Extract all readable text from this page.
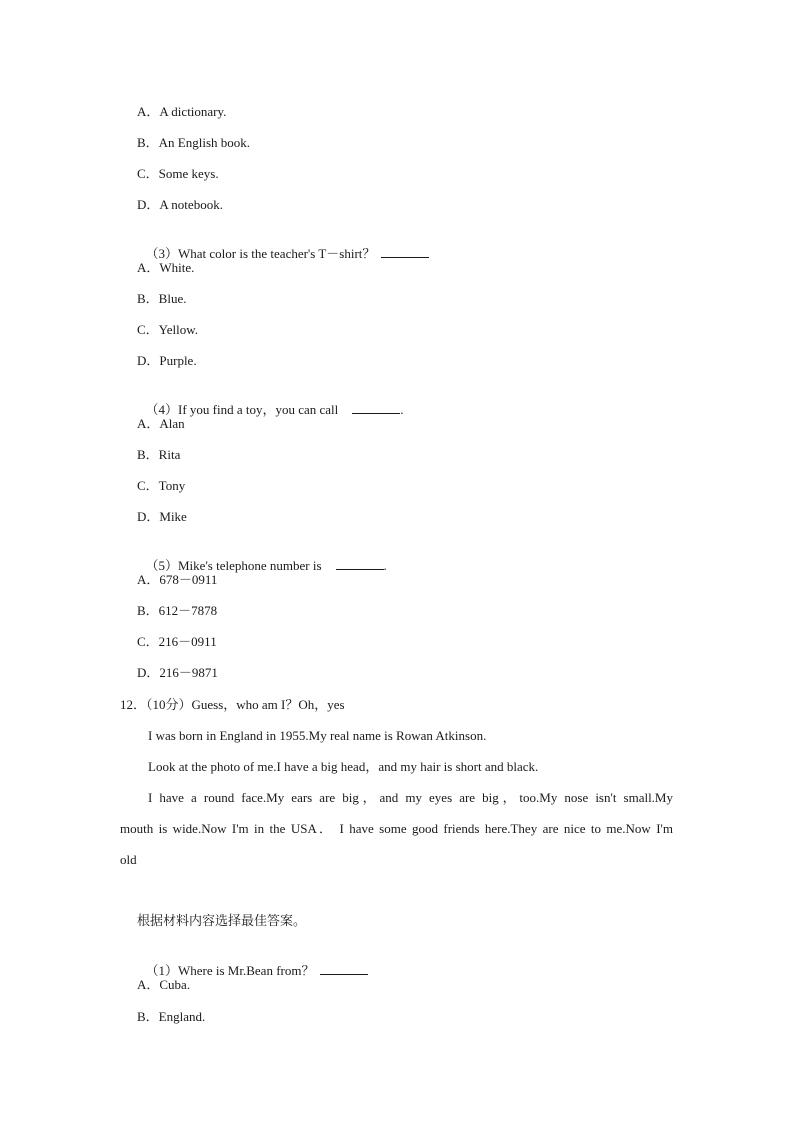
A．A dictionary.
B．An English book.
C．Some keys.
D．A notebook.

（3）What color is the teacher's T－shirt？

A．White.
B．Blue.
C．Yellow.
D．Purple.

（4）If you find a toy，you can call	.

A．Alan
B．Rita
C．Tony
D．Mike

（5）Mike's telephone number is	.

A．678－0911
B．612－7878
C．216－0911
D．216－9871
12．（10分）Guess，who am I？Oh，yes
I was born in England in 1955.My real name is Rowan Atkinson.
Look at the photo of me.I have a big head，and my hair is short and black.
I have a round face.My ears are big，and my eyes are big，too.My nose isn't small.My
mouth is wide.Now I'm in the USA． I have some good friends here.They are nice to me.Now I'm
old
根据材料内容选择最佳答案。

（1）Where is Mr.Bean from？

A．Cuba.
B．England.
